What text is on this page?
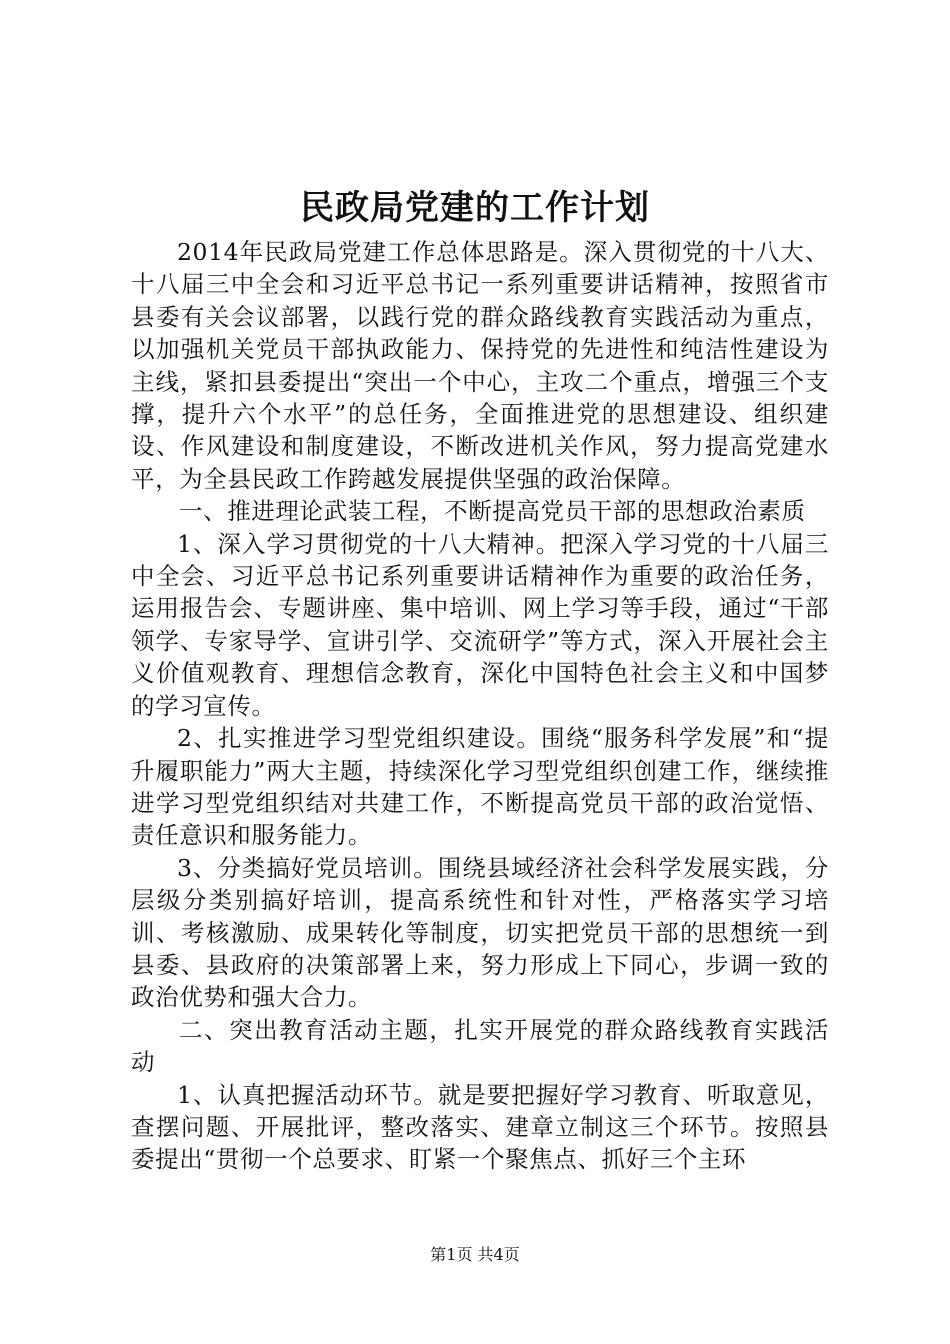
民政局党建的工作计划

2014年民政局党建工作总体思路是。深入贯彻党的十八大、十八届三中全会和习近平总书记一系列重要讲话精神，按照省市县委有关会议部署，以践行党的群众路线教育实践活动为重点，以加强机关党员干部执政能力、保持党的先进性和纯洁性建设为主线，紧扣县委提出“突出一个中心，主攻二个重点，增强三个支撑，提升六个水平”的总任务，全面推进党的思想建设、组织建设、作风建设和制度建设，不断改进机关作风，努力提高党建水平，为全县民政工作跨越发展提供坚强的政治保障。

一、推进理论武装工程，不断提高党员干部的思想政治素质

1、深入学习贯彻党的十八大精神。把深入学习党的十八届三中全会、习近平总书记系列重要讲话精神作为重要的政治任务，运用报告会、专题讲座、集中培训、网上学习等手段，通过“干部领学、专家导学、宣讲引学、交流研学”等方式，深入开展社会主义价值观教育、理想信念教育，深化中国特色社会主义和中国梦的学习宣传。

2、扎实推进学习型党组织建设。围绕“服务科学发展”和“提升履职能力”两大主题，持续深化学习型党组织创建工作，继续推进学习型党组织结对共建工作，不断提高党员干部的政治觉悟、责任意识和服务能力。

3、分类搞好党员培训。围绕县域经济社会科学发展实践，分层级分类别搞好培训，提高系统性和针对性，严格落实学习培训、考核激励、成果转化等制度，切实把党员干部的思想统一到县委、县政府的决策部署上来，努力形成上下同心，步调一致的政治优势和强大合力。

二、突出教育活动主题，扎实开展党的群众路线教育实践活动

1、认真把握活动环节。就是要把握好学习教育、听取意见，查摆问题、开展批评，整改落实、建章立制这三个环节。按照县委提出“贯彻一个总要求、盯紧一个聚焦点、抓好三个主环

第1页 共4页
